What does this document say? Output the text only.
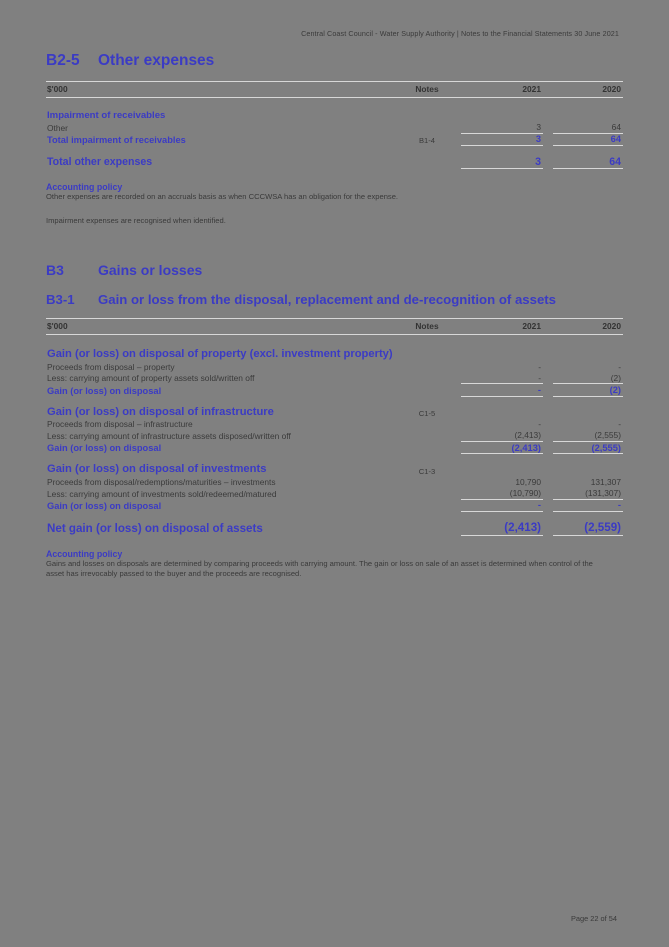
Central Coast Council - Water Supply Authority | Notes to the Financial Statements 30 June 2021
B2-5	Other expenses
$'000	Notes	2021		2020

Impairment of receivables				
Other		3		64
Total impairment of receivables	B1-4	3		64

Total other expenses		3		64
Accounting policy

Other expenses are recorded on an accruals basis as when CCCWSA has an obligation for the expense.

Impairment expenses are recognised when identified.

B3	Gains or losses
B3-1	Gain or loss from the disposal, replacement and de-recognition of assets
$'000	Notes	2021		2020

Gain (or loss) on disposal of property (excl. investment property)				
Proceeds from disposal – property		-		-
Less: carrying amount of property assets sold/written off		-		(2)
Gain (or loss) on disposal		-		(2)

Gain (or loss) on disposal of infrastructure	C1-5			
Proceeds from disposal – infrastructure		-		-
Less: carrying amount of infrastructure assets disposed/written off		(2,413)		(2,555)
Gain (or loss) on disposal		(2,413)		(2,555)

Gain (or loss) on disposal of investments	C1-3			
Proceeds from disposal/redemptions/maturities – investments		10,790		131,307
Less: carrying amount of investments sold/redeemed/matured		(10,790)		(131,307)
Gain (or loss) on disposal		-		-

Net gain (or loss) on disposal of assets		(2,413)		(2,559)
Accounting policy

Gains and losses on disposals are determined by comparing proceeds with carrying amount. The gain or loss on sale of an asset is determined when control of the asset has irrevocably passed to the buyer and the proceeds are recognised.

Page 22 of 54
